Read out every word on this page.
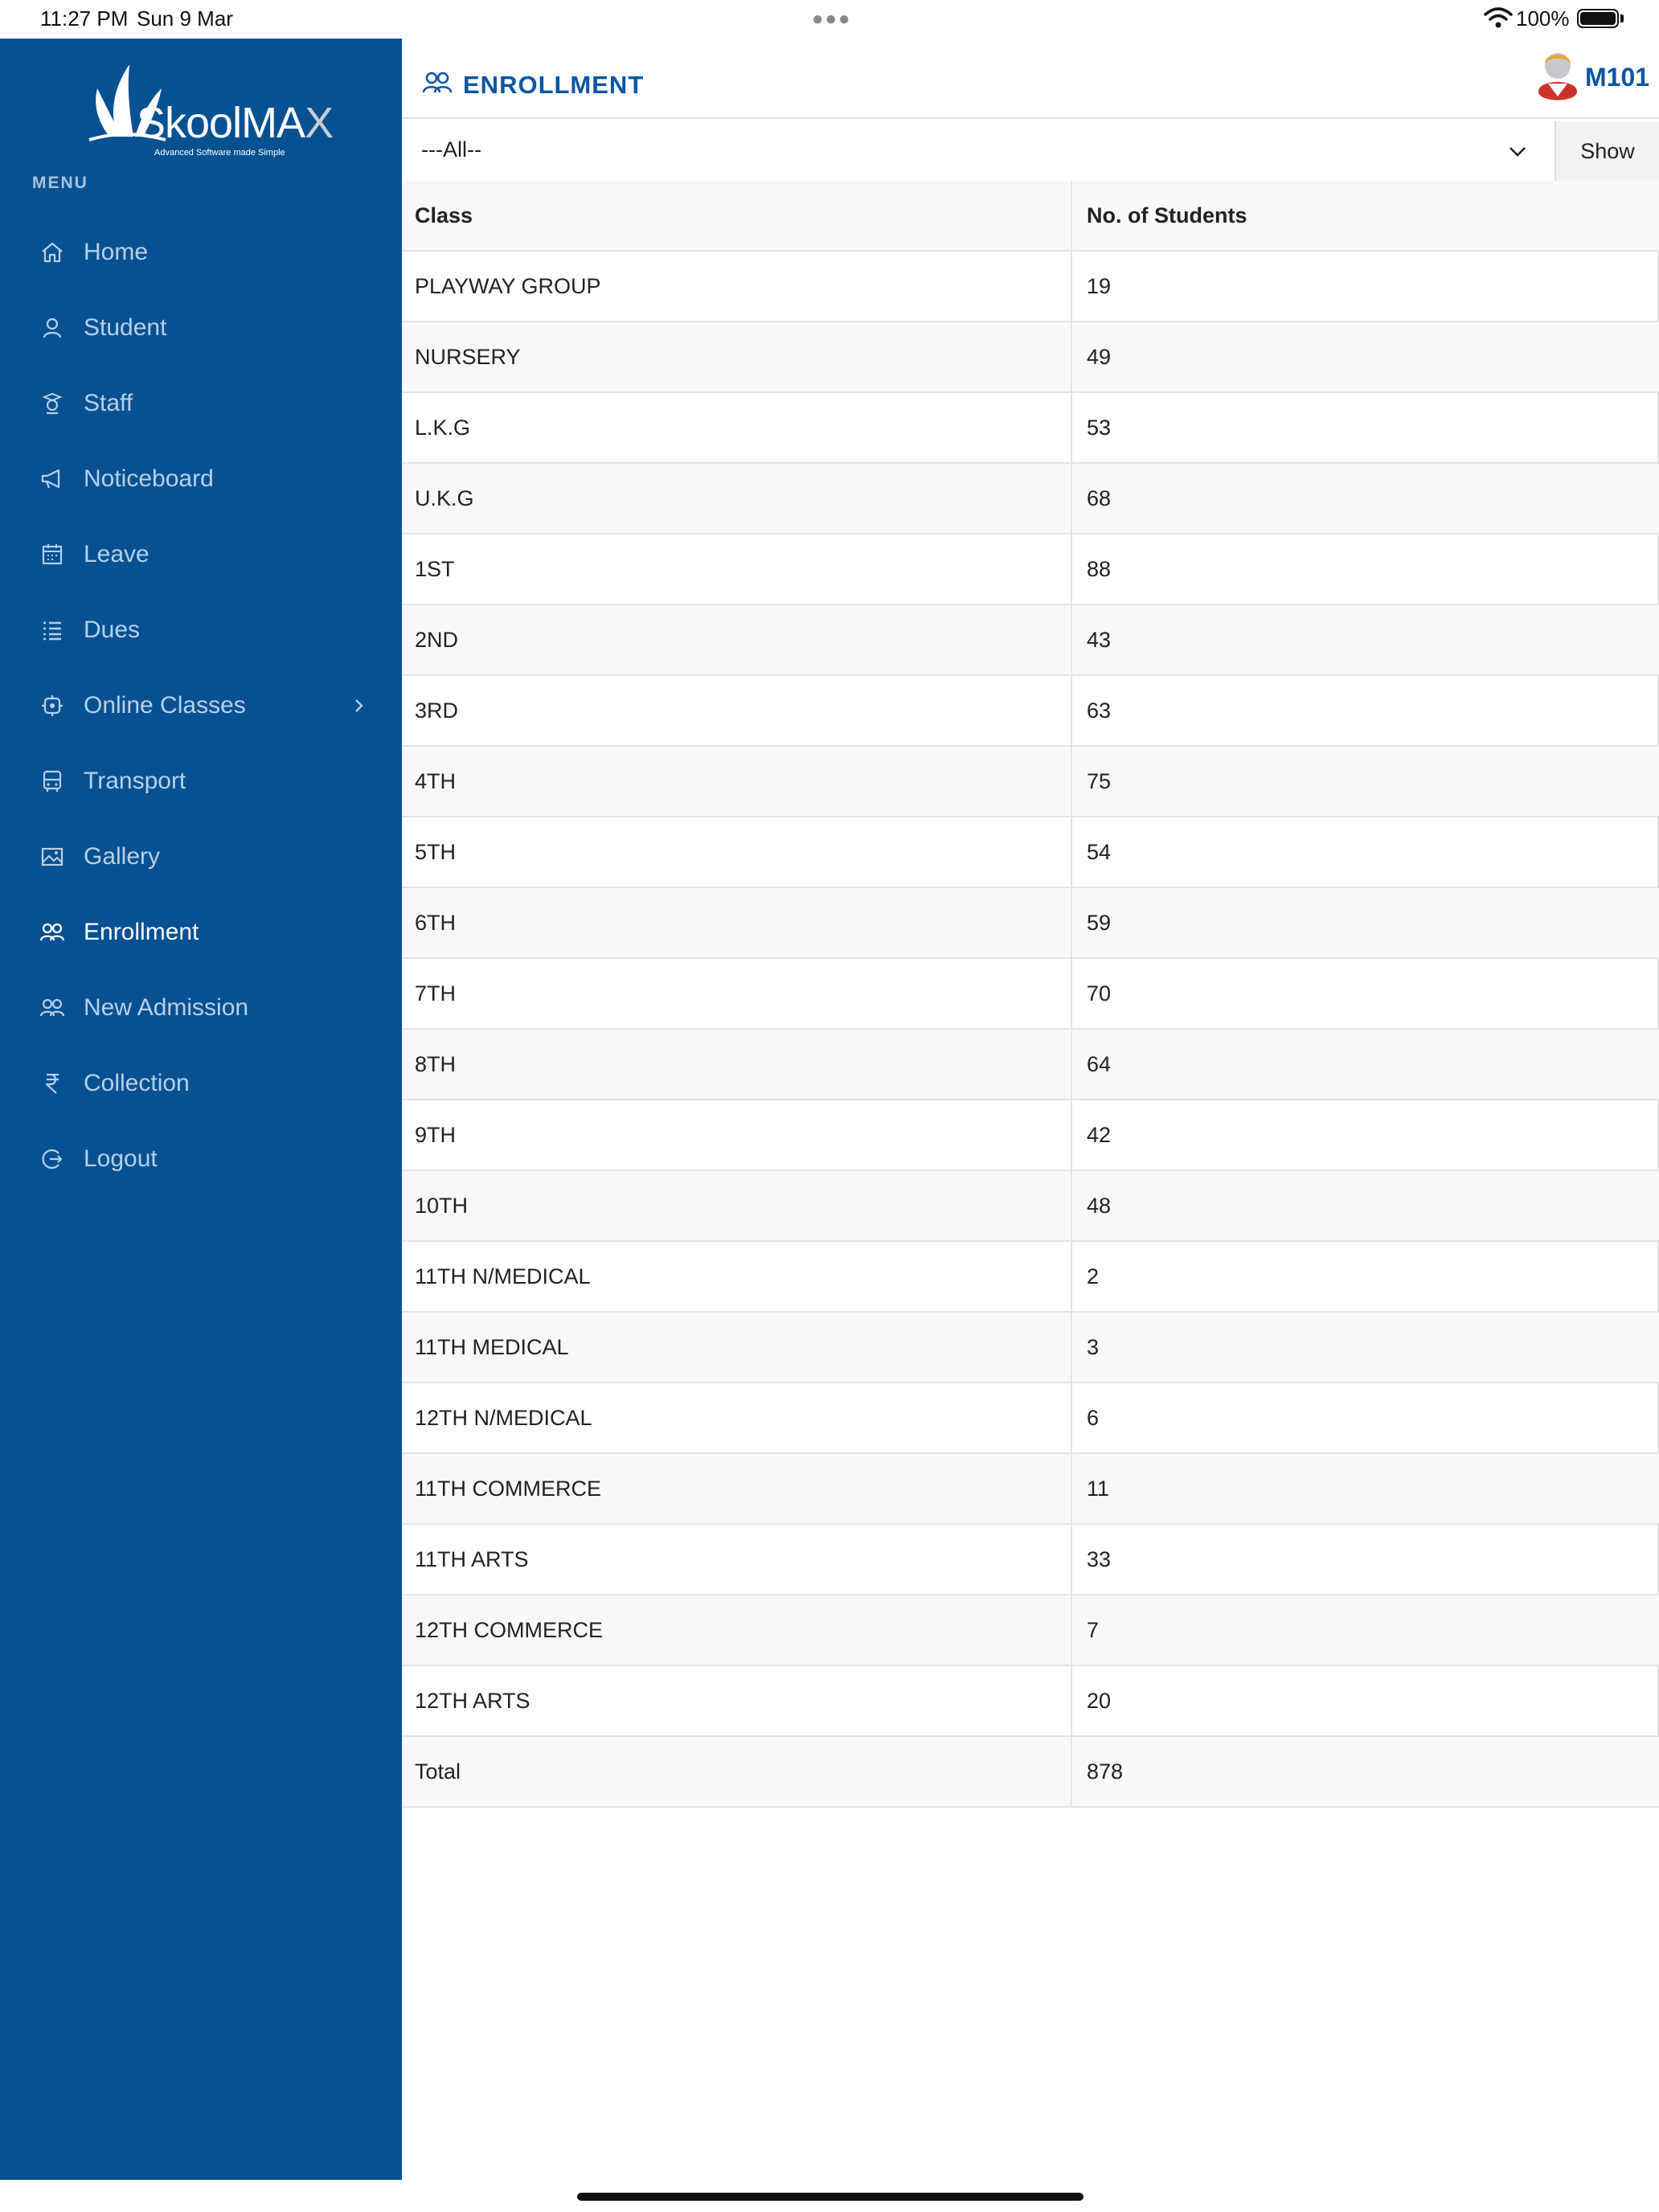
11:27 PM Sun 9 Mar	●●●	100%
SkoolMAX
Advanced Software made Simple
MENU
Home
Student
Staff
Noticeboard
Leave
Dues
Online Classes
Transport
Gallery
Enrollment
New Admission
Collection
Logout
ENROLLMENT	M101
---All--	Show
Class	No. of Students
PLAYWAY GROUP	19
NURSERY	49
L.K.G	53
U.K.G	68
1ST	88
2ND	43
3RD	63
4TH	75
5TH	54
6TH	59
7TH	70
8TH	64
9TH	42
10TH	48
11TH N/MEDICAL	2
11TH MEDICAL	3
12TH N/MEDICAL	6
11TH COMMERCE	11
11TH ARTS	33
12TH COMMERCE	7
12TH ARTS	20
Total	878
